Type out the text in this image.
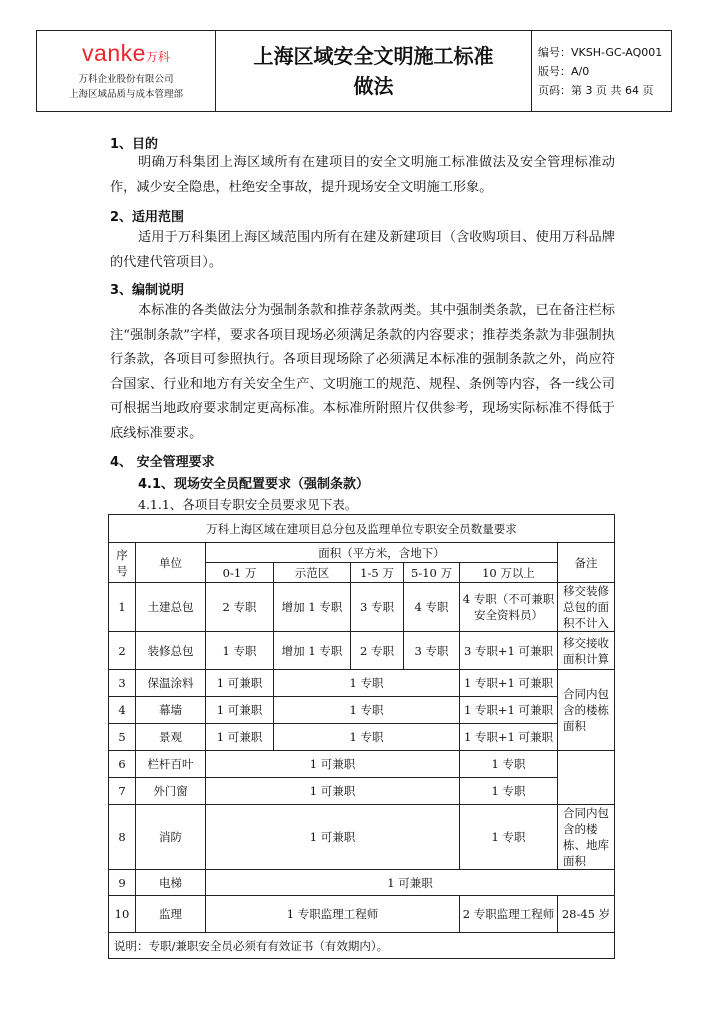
vanke万科
万科企业股份有限公司
上海区域品质与成本管理部

上海区域安全文明施工标准
做法

编号：VKSH-GC-AQ001
版号：A/0
页码：第 3 页 共 64 页
1、目的
明确万科集团上海区域所有在建项目的安全文明施工标准做法及安全管理标准动作，减少安全隐患，杜绝安全事故，提升现场安全文明施工形象。
2、适用范围
适用于万科集团上海区域范围内所有在建及新建项目（含收购项目、使用万科品牌的代建代管项目）。
3、编制说明
本标准的各类做法分为强制条款和推荐条款两类。其中强制类条款，已在备注栏标注“强制条款”字样，要求各项目现场必须满足条款的内容要求；推荐类条款为非强制执行条款，各项目可参照执行。各项目现场除了必须满足本标准的强制条款之外，尚应符合国家、行业和地方有关安全生产、文明施工的规范、规程、条例等内容，各一线公司可根据当地政府要求制定更高标准。本标准所附照片仅供参考，现场实际标准不得低于底线标准要求。
4、 安全管理要求
4.1、现场安全员配置要求（强制条款）
4.1.1、各项目专职安全员要求见下表。
万科上海区域在建项目总分包及监理单位专职安全员数量要求							
序号	单位	面积（平方米，含地下）					备注
		0-1 万	示范区	1-5 万	5-10 万	10 万以上	
1	土建总包	2 专职	增加 1 专职	3 专职	4 专职	4 专职（不可兼职安全资料员）	移交装修总包的面积不计入
2	装修总包	1 专职	增加 1 专职	2 专职	3 专职	3 专职+1 可兼职	移交接收面积计算
3	保温涂料	1 可兼职	1 专职			1 专职+1 可兼职	合同内包含的楼栋面积
4	幕墙	1 可兼职	1 专职			1 专职+1 可兼职	
5	景观	1 可兼职	1 专职			1 专职+1 可兼职	
6	栏杆百叶	1 可兼职				1 专职	
7	外门窗	1 可兼职				1 专职	
8	消防	1 可兼职				1 专职	合同内包含的楼栋、地库面积
9	电梯	1 可兼职					
10	监理	1 专职监理工程师				2 专职监理工程师	28-45 岁
说明：专职/兼职安全员必须有有效证书（有效期内）。							
